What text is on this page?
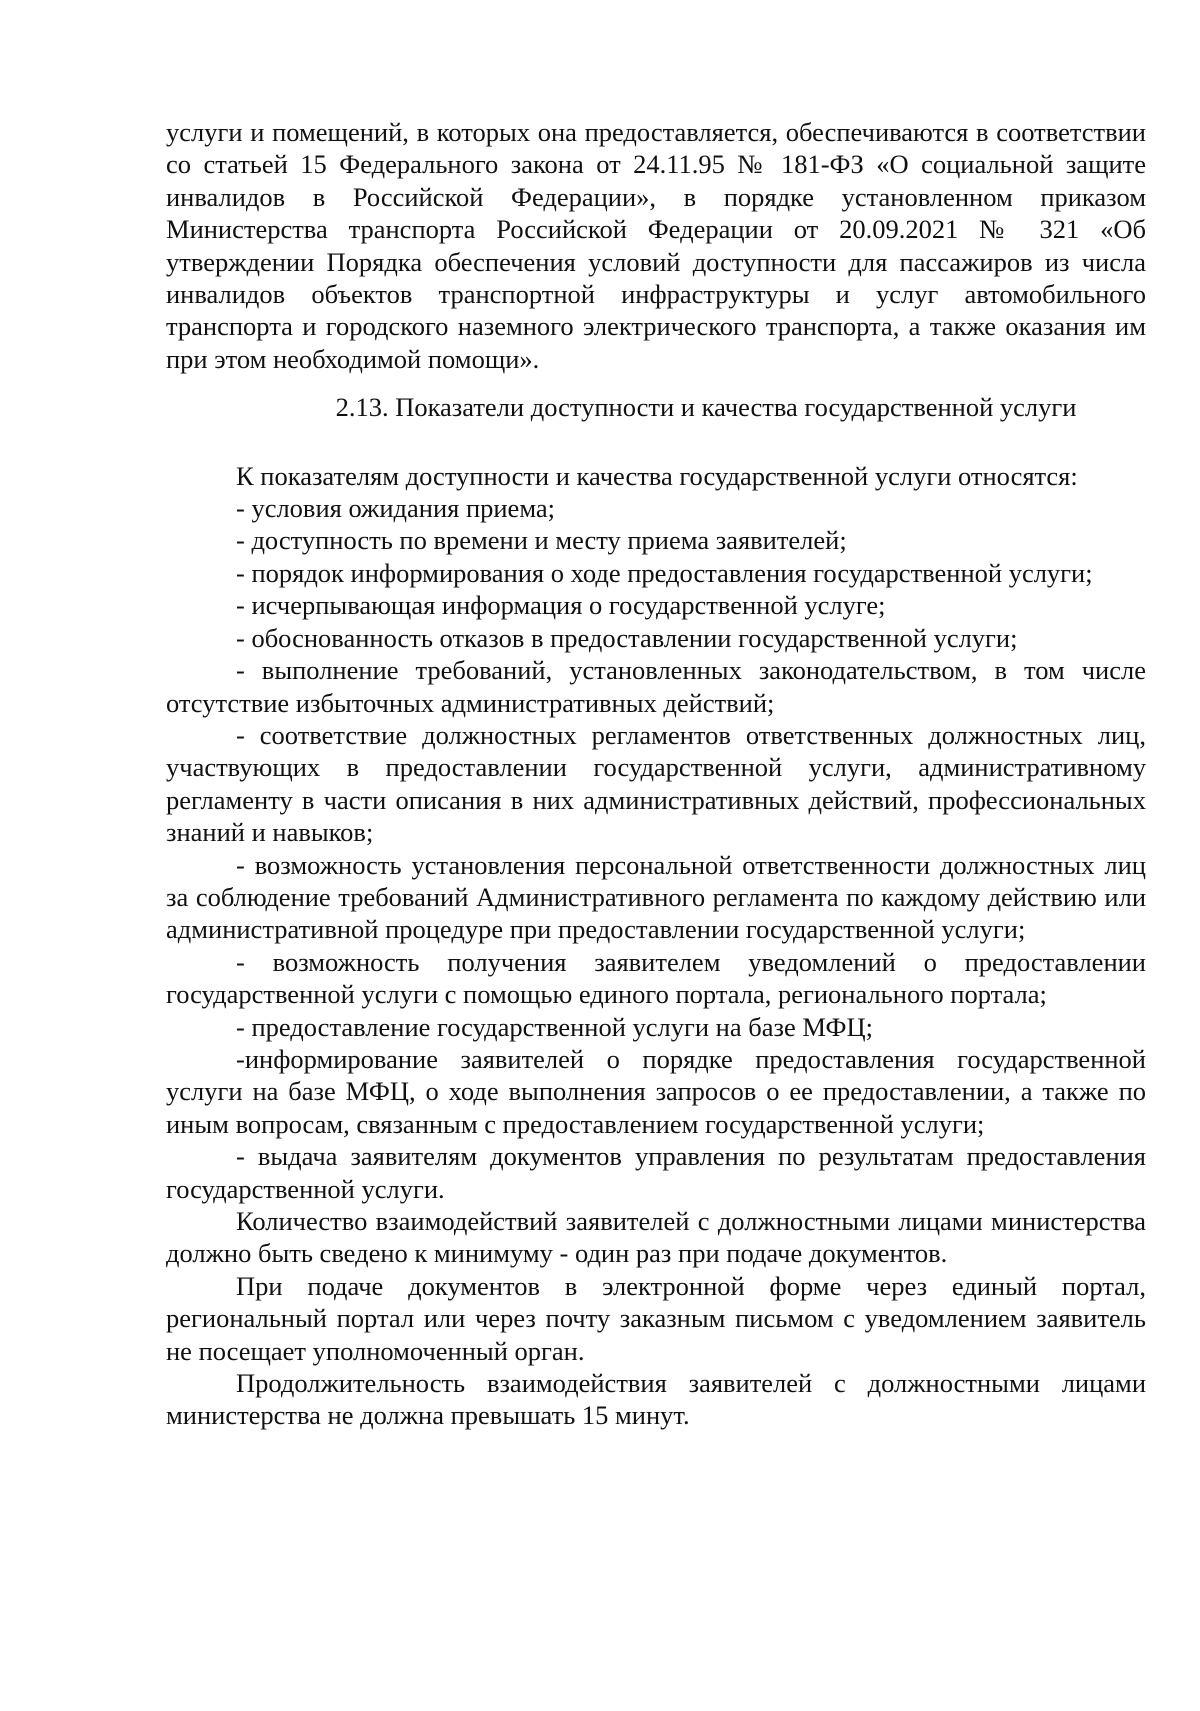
услуги и помещений, в которых она предоставляется, обеспечиваются в соответствии со статьей 15 Федерального закона от 24.11.95 № 181-ФЗ «О социальной защите инвалидов в Российской Федерации», в порядке установленном приказом Министерства транспорта Российской Федерации от 20.09.2021 № 321 «Об утверждении Порядка обеспечения условий доступности для пассажиров из числа инвалидов объектов транспортной инфраструктуры и услуг автомобильного транспорта и городского наземного электрического транспорта, а также оказания им при этом необходимой помощи».

2.13. Показатели доступности и качества государственной услуги

К показателям доступности и качества государственной услуги относятся:

- условия ожидания приема;

- доступность по времени и месту приема заявителей;

- порядок информирования о ходе предоставления государственной услуги;

- исчерпывающая информация о государственной услуге;

- обоснованность отказов в предоставлении государственной услуги;

- выполнение требований, установленных законодательством, в том числе отсутствие избыточных административных действий;

- соответствие должностных регламентов ответственных должностных лиц, участвующих в предоставлении государственной услуги, административному регламенту в части описания в них административных действий, профессиональных знаний и навыков;

- возможность установления персональной ответственности должностных лиц за соблюдение требований Административного регламента по каждому действию или административной процедуре при предоставлении государственной услуги;

- возможность получения заявителем уведомлений о предоставлении государственной услуги с помощью единого портала, регионального портала;

- предоставление государственной услуги на базе МФЦ;

-информирование заявителей о порядке предоставления государственной услуги на базе МФЦ, о ходе выполнения запросов о ее предоставлении, а также по иным вопросам, связанным с предоставлением государственной услуги;

- выдача заявителям документов управления по результатам предоставления государственной услуги.

Количество взаимодействий заявителей с должностными лицами министерства должно быть сведено к минимуму - один раз при подаче документов.

При подаче документов в электронной форме через единый портал, региональный портал или через почту заказным письмом с уведомлением заявитель не посещает уполномоченный орган.

Продолжительность взаимодействия заявителей с должностными лицами министерства не должна превышать 15 минут.
